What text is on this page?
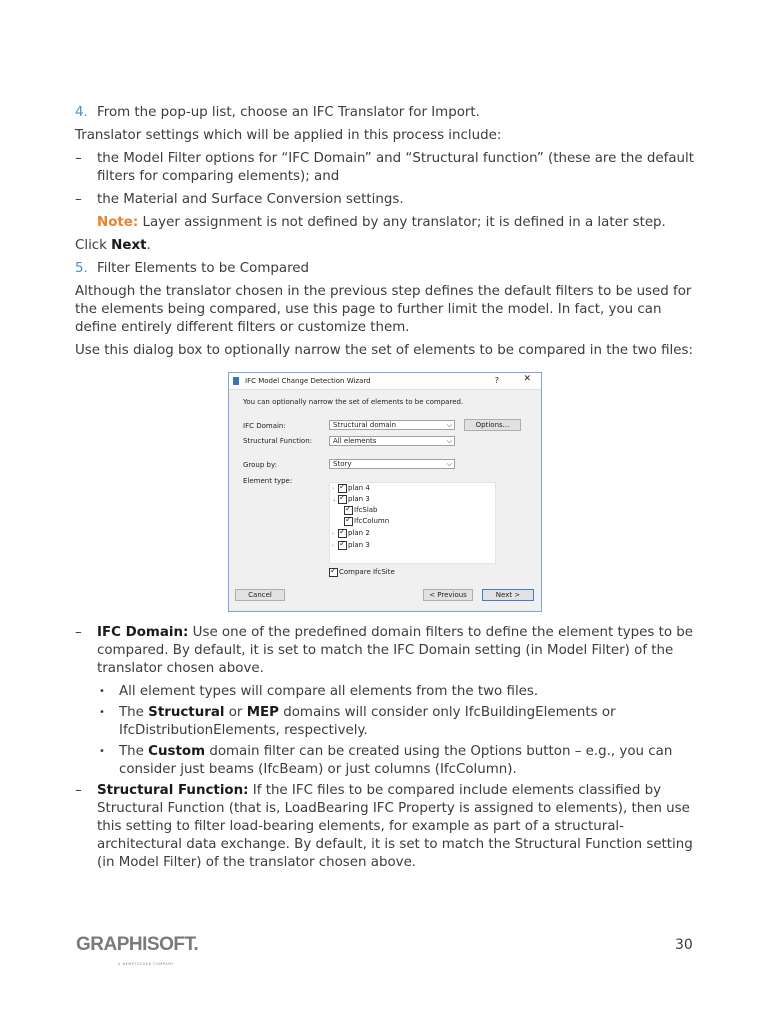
4. From the pop-up list, choose an IFC Translator for Import.

Translator settings which will be applied in this process include:

– the Model Filter options for “IFC Domain” and “Structural function” (these are the default filters for comparing elements); and
– the Material and Surface Conversion settings.

Note: Layer assignment is not defined by any translator; it is defined in a later step.

Click Next.

5. Filter Elements to be Compared

Although the translator chosen in the previous step defines the default filters to be used for the elements being compared, use this page to further limit the model. In fact, you can define entirely different filters or customize them.

Use this dialog box to optionally narrow the set of elements to be compared in the two files:

IFC Model Change Detection Wizard	?	✕
You can optionally narrow the set of elements to be compared.
IFC Domain:	Structural domain	⌵	Options...
Structural Function:	All elements	⌵
Group by:	Story	⌵
Element type:
› ✓ plan 4
⌄ ✓ plan 3
✓IfcSlab
✓IfcColumn
› ✓ plan 2
› ✓ plan 3
✓Compare IfcSite
Cancel	< Previous	Next >
– IFC Domain: Use one of the predefined domain filters to define the element types to be compared. By default, it is set to match the IFC Domain setting (in Model Filter) of the translator chosen above.
• All element types will compare all elements from the two files.
• The Structural or MEP domains will consider only IfcBuildingElements or IfcDistributionElements, respectively.
• The Custom domain filter can be created using the Options button – e.g., you can consider just beams (IfcBeam) or just columns (IfcColumn).
– Structural Function: If the IFC files to be compared include elements classified by Structural Function (that is, LoadBearing IFC Property is assigned to elements), then use this setting to filter load-bearing elements, for example as part of a structural-architectural data exchange. By default, it is set to match the Structural Function setting (in Model Filter) of the translator chosen above.
GRAPHISOFT.
A NEMETSCHEK COMPANY
30
